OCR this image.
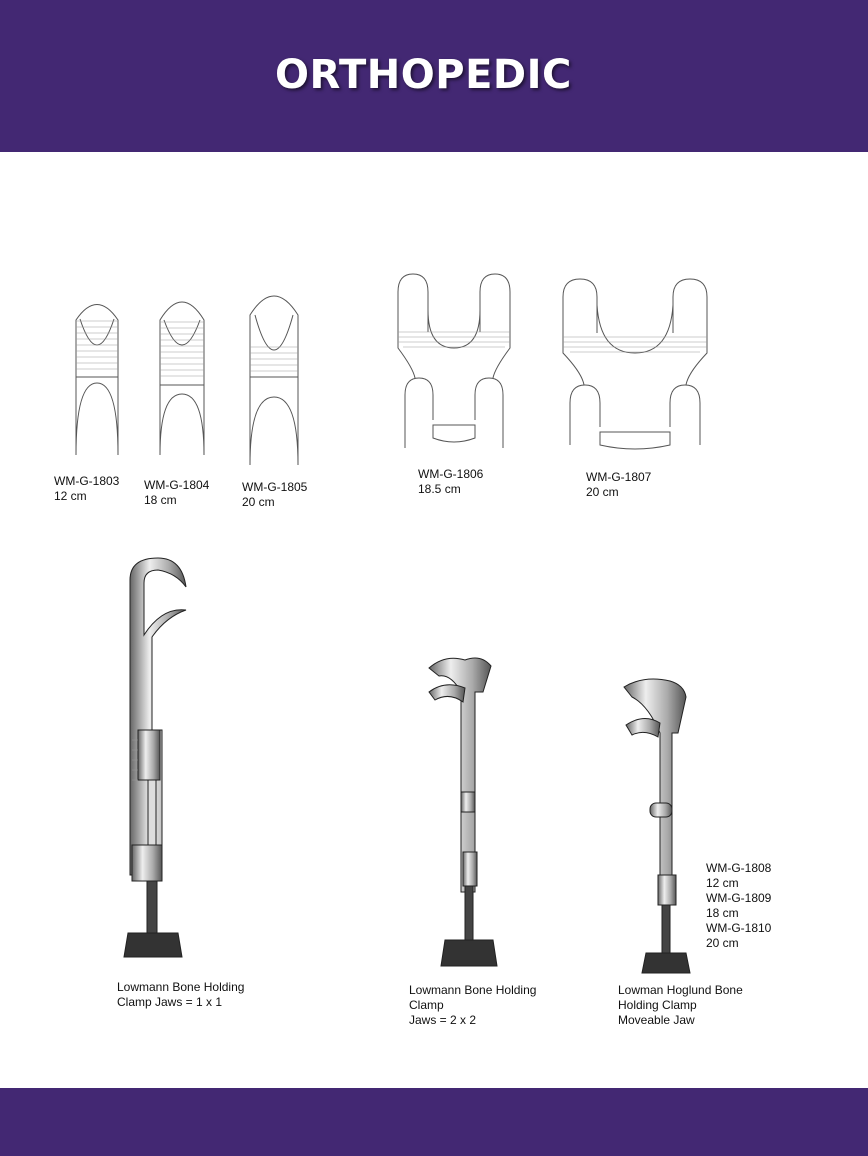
ORTHOPEDIC
WM-G-1803
12 cm
WM-G-1804
18 cm
WM-G-1805
20 cm
WM-G-1806
18.5 cm
WM-G-1807
20 cm
Lowmann Bone Holding
Clamp Jaws = 1 x 1
Lowmann Bone Holding
Clamp
Jaws = 2 x 2
Lowman Hoglund Bone
Holding Clamp
Moveable Jaw
WM-G-1808
12 cm
WM-G-1809
18 cm
WM-G-1810
20 cm
